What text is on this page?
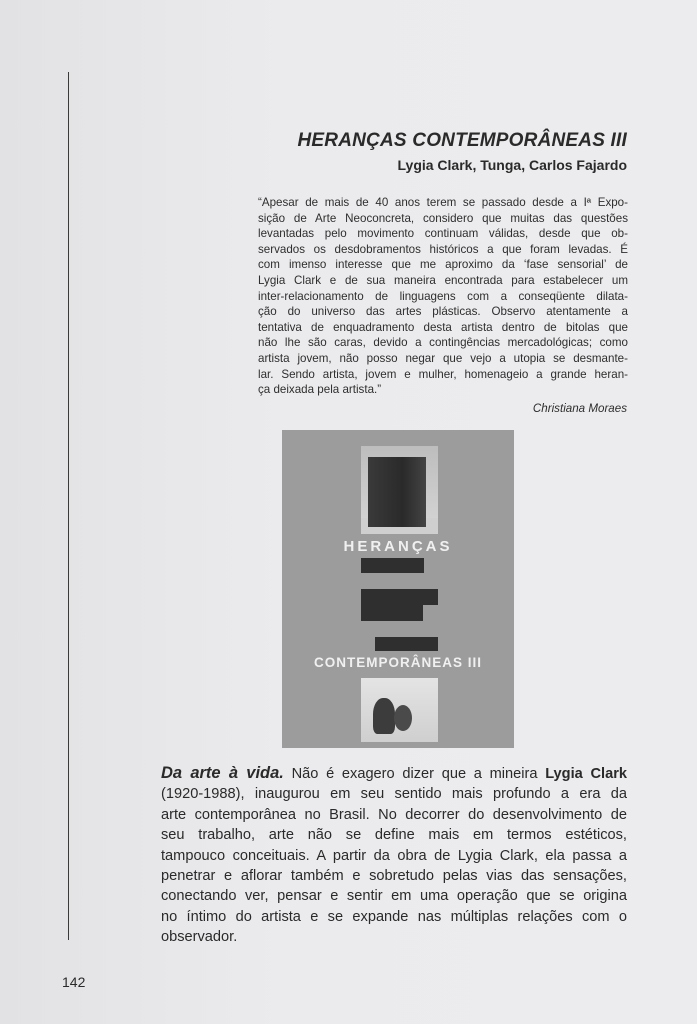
HERANÇAS CONTEMPORÂNEAS III
Lygia Clark, Tunga, Carlos Fajardo
“Apesar de mais de 40 anos terem se passado desde a Iª Expo-
sição de Arte Neoconcreta, considero que muitas das questões
levantadas pelo movimento continuam válidas, desde que ob-
servados os desdobramentos históricos a que foram levadas. É
com imenso interesse que me aproximo da ‘fase sensorial’ de
Lygia Clark e de sua maneira encontrada para estabelecer um
inter-relacionamento de linguagens com a conseqüente dilata-
ção do universo das artes plásticas. Observo atentamente a
tentativa de enquadramento desta artista dentro de bitolas que
não lhe são caras, devido a contingências mercadológicas; como
artista jovem, não posso negar que vejo a utopia se desmante-
lar. Sendo artista, jovem e mulher, homenageio a grande heran-
ça deixada pela artista.”
Christiana Moraes
HERANÇAS
CONTEMPORÂNEAS III
Da arte à vida. Não é exagero dizer que a mineira Lygia Clark
(1920-1988), inaugurou em seu sentido mais profundo a era da
arte contemporânea no Brasil. No decorrer do desenvolvimento de
seu trabalho, arte não se define mais em termos estéticos,
tampouco conceituais. A partir da obra de Lygia Clark, ela passa a
penetrar e aflorar também e sobretudo pelas vias das sensações,
conectando ver, pensar e sentir em uma operação que se origina
no íntimo do artista e se expande nas múltiplas relações com o
observador.
142
